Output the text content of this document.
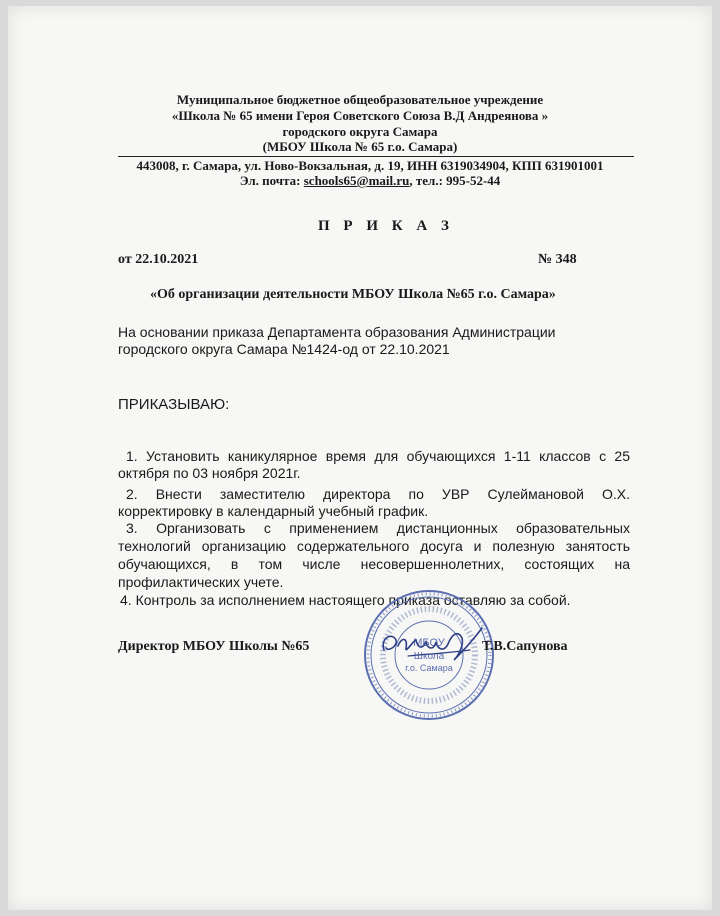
Муниципальное бюджетное общеобразовательное учреждение
«Школа № 65 имени Героя Советского Союза В.Д Андреянова »
городского округа Самара
(МБОУ Школа № 65 г.о. Самара)
443008, г. Самара, ул. Ново-Вокзальная, д. 19, ИНН 6319034904, КПП 631901001
Эл. почта: schools65@mail.ru, тел.: 995-52-44
П Р И К А З
от 22.10.2021	№ 348
«Об организации деятельности МБОУ Школа №65 г.о. Самара»
На основании приказа Департамента образования Администрации
городского округа Самара №1424-од от 22.10.2021
ПРИКАЗЫВАЮ:
1. Установить каникулярное время для обучающихся 1-11 классов с 25
октября по 03 ноября 2021г.
2. Внести заместителю директора по УВР Сулеймановой О.Х.
корректировку в календарный учебный график.
3. Организовать с применением дистанционных образовательных
технологий организацию содержательного досуга и полезную занятость
обучающихся, в том числе несовершеннолетних, состоящих на
профилактических учете.
4. Контроль за исполнением настоящего приказа оставляю за собой.
МБОУ
Школа
г.о. Самара
Директор МБОУ Школы №65	Т.В.Сапунова
